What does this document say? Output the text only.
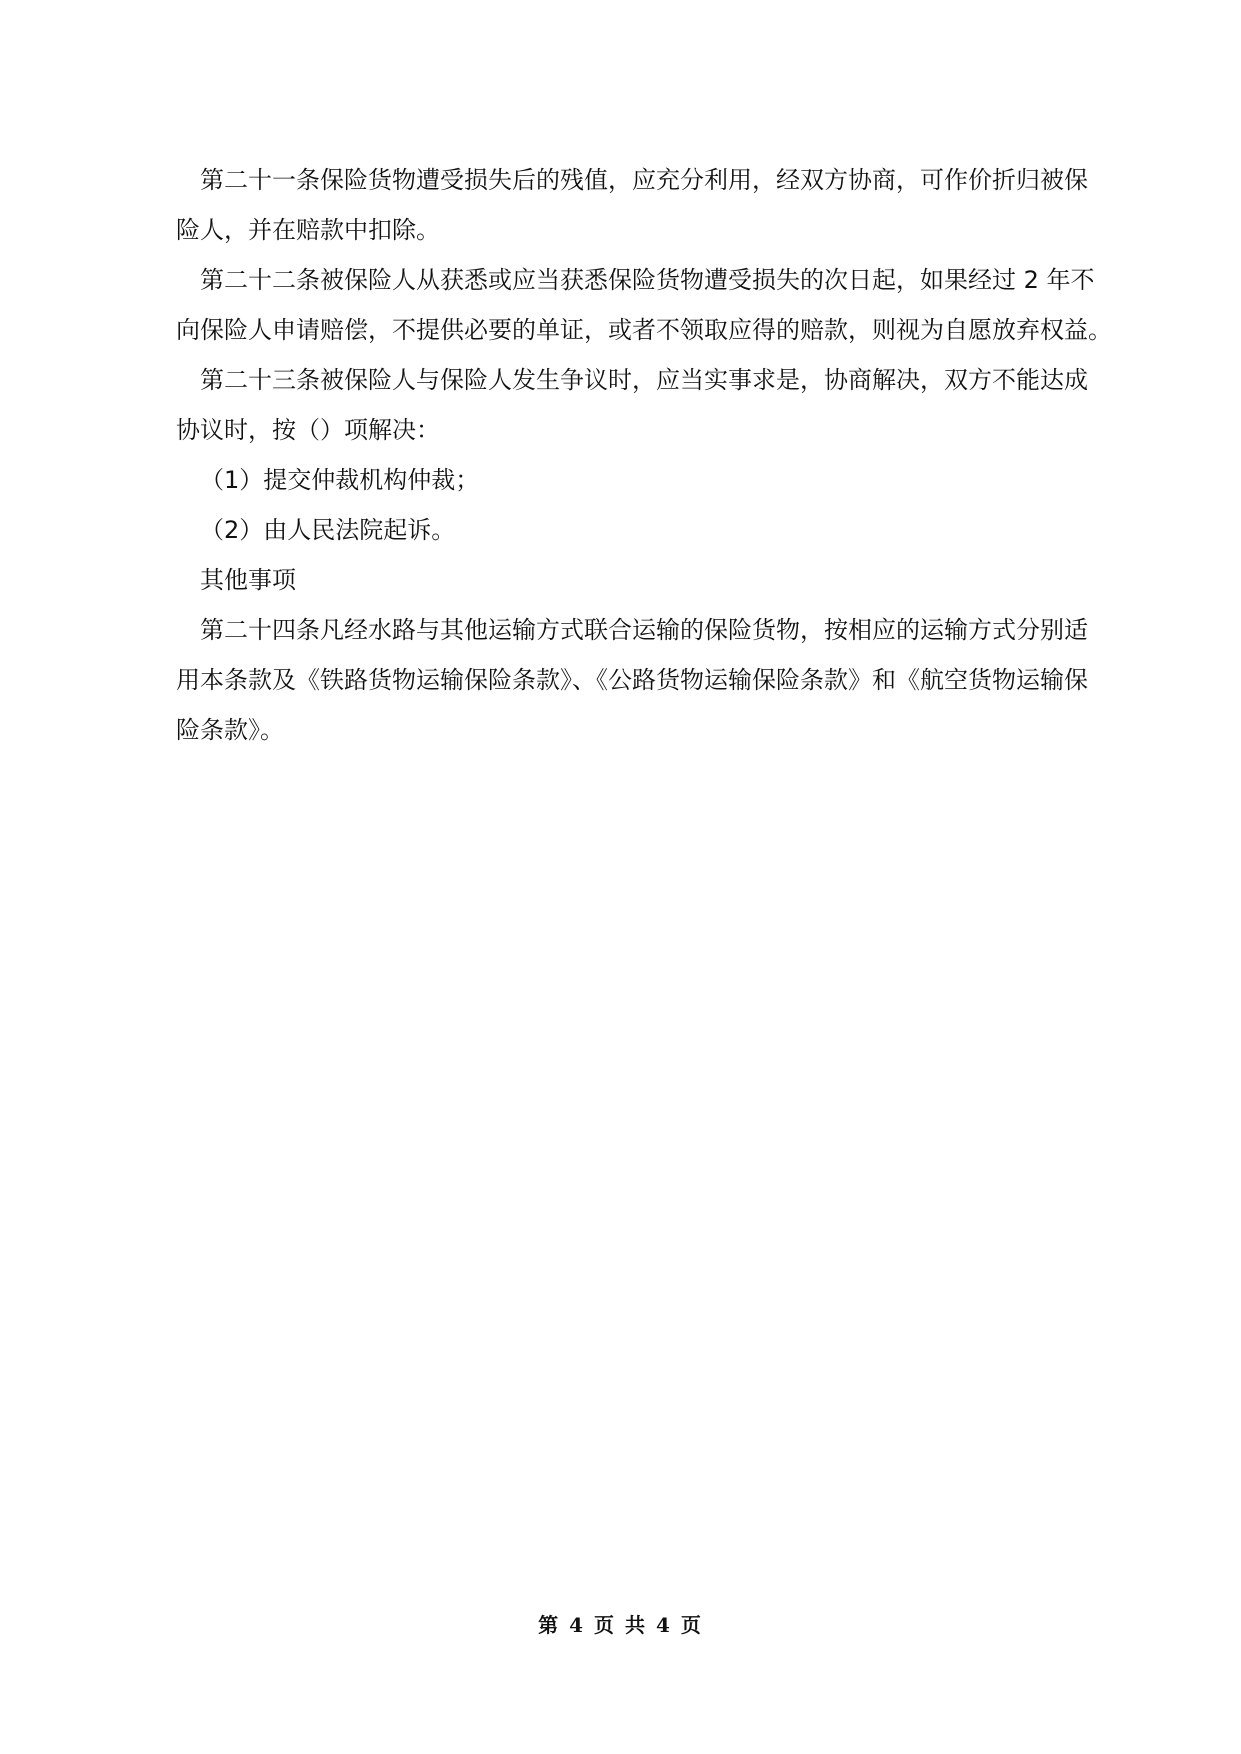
第二十一条保险货物遭受损失后的残值，应充分利用，经双方协商，可作价折归被保
险人，并在赔款中扣除。
第二十二条被保险人从获悉或应当获悉保险货物遭受损失的次日起，如果经过 2 年不
向保险人申请赔偿，不提供必要的单证，或者不领取应得的赔款，则视为自愿放弃权益。
第二十三条被保险人与保险人发生争议时，应当实事求是，协商解决，双方不能达成
协议时，按（）项解决：
（1）提交仲裁机构仲裁；
（2）由人民法院起诉。
其他事项
第二十四条凡经水路与其他运输方式联合运输的保险货物，按相应的运输方式分别适
用本条款及《铁路货物运输保险条款》、《公路货物运输保险条款》和《航空货物运输保
险条款》。
第 4 页 共 4 页
